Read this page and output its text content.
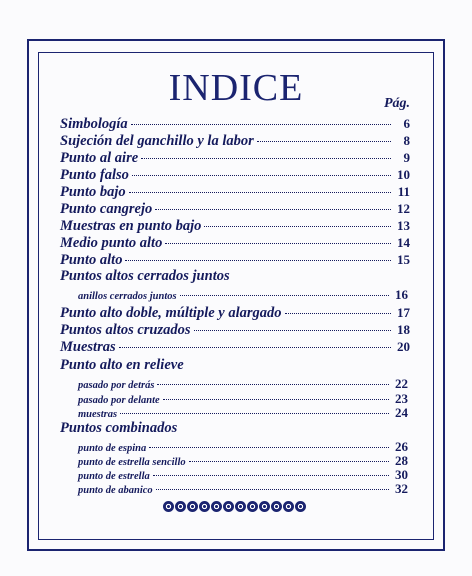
INDICE	Pág.
Simbología	6
Sujeción del ganchillo y la labor	8
Punto al aire	9
Punto falso	10
Punto bajo	11
Punto cangrejo	12
Muestras en punto bajo	13
Medio punto alto	14
Punto alto	15
Puntos altos cerrados juntos
anillos cerrados juntos	16
Punto alto doble, múltiple y alargado	17
Puntos altos cruzados	18
Muestras	20
Punto alto en relieve
pasado por detrás	22
pasado por delante	23
muestras	24
Puntos combinados
punto de espina	26
punto de estrella sencillo	28
punto de estrella	30
punto de abanico	32
